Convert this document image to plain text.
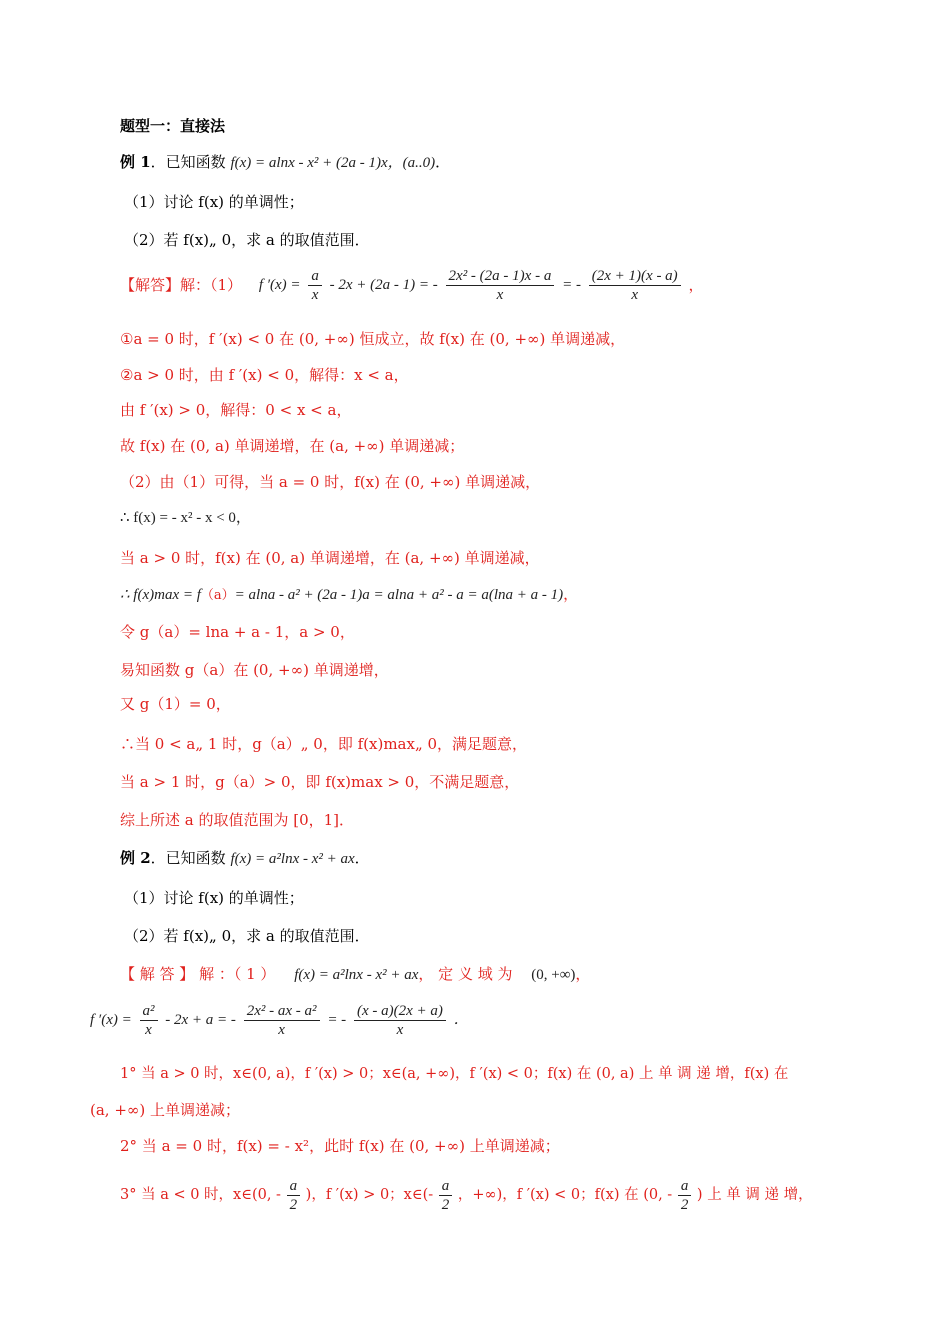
题型一：直接法
例 1．已知函数 f(x) = alnx - x² + (2a - 1)x，(a..0)．
（1）讨论 f(x) 的单调性；
（2）若 f(x)„ 0，求 a 的取值范围．
【解答】解：（1） f $'(x) = \frac{a}{x} - 2x + (2a - 1)$ = - $\frac{\text{2x² - (2a - 1)x - a}}{x}$ = - $\frac{(2x + 1)(x - a)}{x}$ ，
①a = 0 时，f ′(x) < 0 在 (0, +∞) 恒成立，故 f(x) 在 (0, +∞) 单调递减，
②a > 0 时，由 f ′(x) < 0，解得：x < a，
由 f ′(x) > 0，解得：0 < x < a，
故 f(x) 在 (0, a) 单调递增，在 (a, +∞) 单调递减；
（2）由（1）可得，当 a = 0 时，f(x) 在 (0, +∞) 单调递减，
∴ f(x) = - x² - x < 0，
当 a > 0 时，f(x) 在 (0, a) 单调递增，在 (a, +∞) 单调递减，
∴ f(x)max = f（a）= alna - a² + (2a - 1)a = alna + a² - a = a(lna + a - 1)，
令 g（a）= lna + a - 1，a > 0，
易知函数 g（a）在 (0, +∞) 单调递增，
又 g（1）= 0，
∴当 0 < a„ 1 时，g（a）„ 0，即 f(x)max„ 0，满足题意，
当 a > 1 时，g（a）> 0，即 f(x)max > 0，不满足题意，
综上所述 a 的取值范围为 [0，1]．
例 2．已知函数 f(x) = a²lnx - x² + ax．
（1）讨论 f(x) 的单调性；
（2）若 f(x)„ 0，求 a 的取值范围．
【 解 答 】 解 ：（ 1 ） f(x) = a²lnx - x² + ax， 定 义 域 为 (0, +∞)，
f $'(x) = \frac{\text{a²}}{x} - 2x + a$ = - $\frac{\text{2x² - ax - a²}}{x}$ = - $\frac{(x - a)(2x + a)}{x}$ ．
1° 当 a > 0 时，x∈(0, a)，f ′(x) > 0；x∈(a, +∞)，f ′(x) < 0；f(x) 在 (0, a) 上 单 调 递 增，f(x) 在
(a, +∞) 上单调递减；
2° 当 a = 0 时，f(x) = - x²，此时 f(x) 在 (0, +∞) 上单调递减；
3° 当 a < 0 时，x∈(0, - $\frac{a}{2}$ )，f ′(x) > 0；x∈(- $\frac{a}{2}$ ，+∞)，f ′(x) < 0；f(x) 在 (0, - $\frac{a}{2}$ ) 上 单 调 递 增，
